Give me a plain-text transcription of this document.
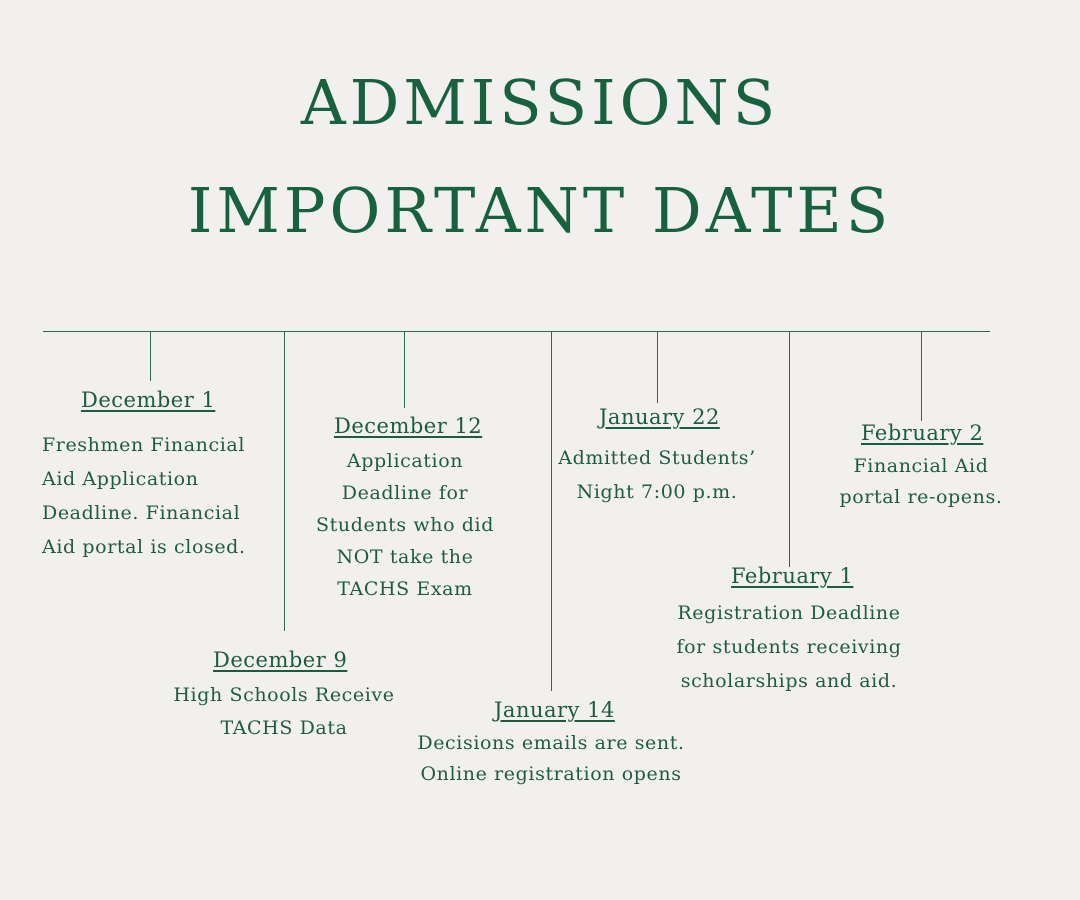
ADMISSIONS
IMPORTANT DATES
December 1
Freshmen Financial
Aid Application
Deadline. Financial
Aid portal is closed.
December 9
High Schools Receive
TACHS Data
December 12
Application
Deadline for
Students who did
NOT take the
TACHS Exam
January 14
Decisions emails are sent.
Online registration opens
January 22
Admitted Students’
Night 7:00 p.m.
February 1
Registration Deadline
for students receiving
scholarships and aid.
February 2
Financial Aid
portal re-opens.
